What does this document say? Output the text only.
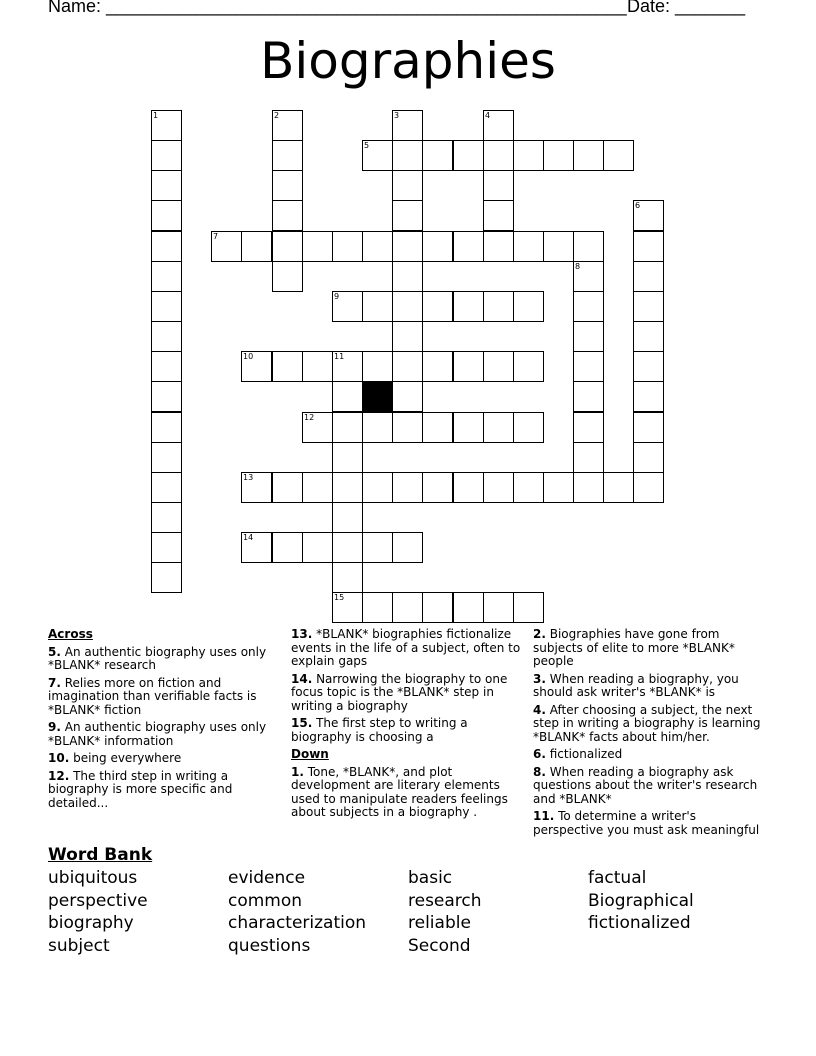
Name: ____________________________________________________ Date: _______
Biographies
1	2	3	4
5
6
7
8
9
10	11
15
12
13
14
Across
5. An authentic biography uses only *BLANK* research
7. Relies more on fiction and imagination than verifiable facts is *BLANK* fiction
9. An authentic biography uses only *BLANK* information
10. being everywhere
12. The third step in writing a biography is more specific and detailed...
13. *BLANK* biographies fictionalize events in the life of a subject, often to explain gaps
14. Narrowing the biography to one focus topic is the *BLANK* step in writing a biography
15. The first step to writing a biography is choosing a
Down
1. Tone, *BLANK*, and plot development are literary elements used to manipulate readers feelings about subjects in a biography .
2. Biographies have gone from subjects of elite to more *BLANK* people
3. When reading a biography, you should ask writer's *BLANK* is
4. After choosing a subject, the next step in writing a biography is learning *BLANK* facts about him/her.
6. fictionalized
8. When reading a biography ask questions about the writer's research and *BLANK*
11. To determine a writer's perspective you must ask meaningful
Word Bank
ubiquitous	evidence	basic	factual
perspective	common	research	Biographical
biography	characterization	reliable	fictionalized
subject	questions	Second
